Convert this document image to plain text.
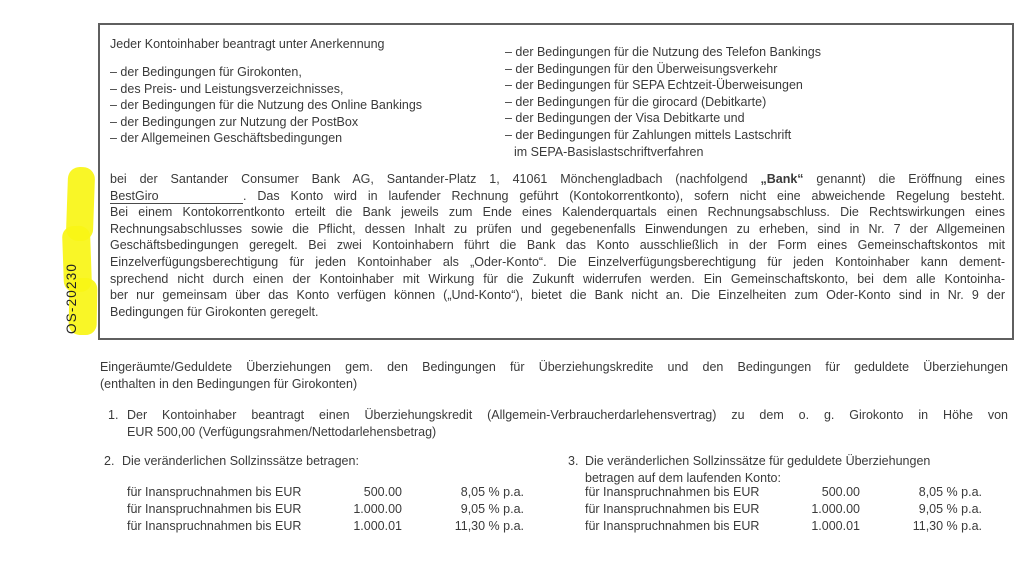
OS-20230
Jeder Kontoinhaber beantragt unter Anerkennung
– der Bedingungen für Girokonten,
– des Preis- und Leistungsverzeichnisses,
– der Bedingungen für die Nutzung des Online Bankings
– der Bedingungen zur Nutzung der PostBox
– der Allgemeinen Geschäftsbedingungen
– der Bedingungen für die Nutzung des Telefon Bankings
– der Bedingungen für den Überweisungsverkehr
– der Bedingungen für SEPA Echtzeit-Überweisungen
– der Bedingungen für die girocard (Debitkarte)
– der Bedingungen der Visa Debitkarte und
– der Bedingungen für Zahlungen mittels Lastschrift
im SEPA-Basislastschriftverfahren
bei der Santander Consumer Bank AG, Santander-Platz 1, 41061 Mönchengladbach (nachfolgend „Bank“ genannt) die Eröffnung eines
BestGiro	. Das Konto wird in laufender Rechnung geführt (Kontokorrentkonto), sofern nicht eine abweichende Regelung besteht.
Bei einem Kontokorrentkonto erteilt die Bank jeweils zum Ende eines Kalenderquartals einen Rechnungsabschluss. Die Rechtswirkungen eines
Rechnungsabschlusses sowie die Pflicht, dessen Inhalt zu prüfen und gegebenenfalls Einwendungen zu erheben, sind in Nr. 7 der Allgemeinen
Geschäftsbedingungen geregelt. Bei zwei Kontoinhabern führt die Bank das Konto ausschließlich in der Form eines Gemeinschaftskontos mit
Einzelverfügungsberechtigung für jeden Kontoinhaber als „Oder-Konto“. Die Einzelverfügungsberechtigung für jeden Kontoinhaber kann dement-
sprechend nicht durch einen der Kontoinhaber mit Wirkung für die Zukunft widerrufen werden. Ein Gemeinschaftskonto, bei dem alle Kontoinha-
ber nur gemeinsam über das Konto verfügen können („Und-Konto“), bietet die Bank nicht an. Die Einzelheiten zum Oder-Konto sind in Nr. 9 der
Bedingungen für Girokonten geregelt.
Eingeräumte/Geduldete Überziehungen gem. den Bedingungen für Überziehungskredite und den Bedingungen für geduldete Überziehungen
(enthalten in den Bedingungen für Girokonten)
1. Der Kontoinhaber beantragt einen Überziehungskredit (Allgemein-Verbraucherdarlehensvertrag) zu dem o. g. Girokonto in Höhe von
EUR 500,00 (Verfügungsrahmen/Nettodarlehensbetrag)
2. Die veränderlichen Sollzinssätze betragen:
für Inanspruchnahmen bis EUR	500.00	8,05 % p.a.
für Inanspruchnahmen bis EUR	1.000.00	9,05 % p.a.
für Inanspruchnahmen bis EUR	1.000.01	11,30 % p.a.
3. Die veränderlichen Sollzinssätze für geduldete Überziehungen
betragen auf dem laufenden Konto:
für Inanspruchnahmen bis EUR	500.00	8,05 % p.a.
für Inanspruchnahmen bis EUR	1.000.00	9,05 % p.a.
für Inanspruchnahmen bis EUR	1.000.01	11,30 % p.a.
